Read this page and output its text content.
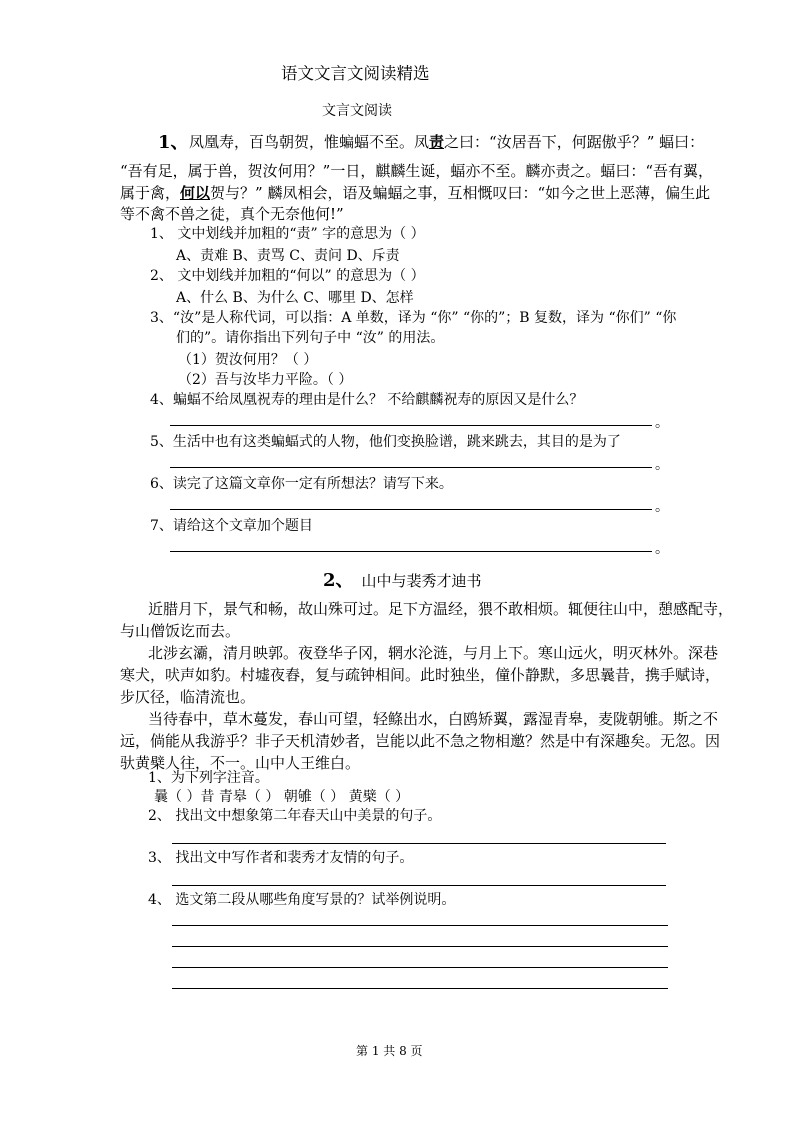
语文文言文阅读精选
文言文阅读
1、 凤凰寿，百鸟朝贺，惟蝙蝠不至。凤责之曰：“汝居吾下，何踞傲乎？” 蝠曰：
“吾有足，属于兽，贺汝何用？”一日，麒麟生诞，蝠亦不至。麟亦责之。蝠曰：“吾有翼，
属于禽，何以贺与？” 麟凤相会，语及蝙蝠之事，互相慨叹曰：“如今之世上恶薄，偏生此
等不禽不兽之徒，真个无奈他何!”
1、 文中划线并加粗的“责” 字的意思为（ ）
A、责难 B、责骂 C、责问 D、斥责
2、 文中划线并加粗的“何以” 的意思为（ ）
A、什么 B、为什么 C、哪里 D、怎样
3、“汝”是人称代词，可以指：A 单数，译为 “你” “你的”；B 复数，译为 “你们” “你
们的”。请你指出下列句子中 “汝” 的用法。
（1）贺汝何用？（ ）
（2）吾与汝毕力平险。（ ）
4、蝙蝠不给凤凰祝寿的理由是什么？ 不给麒麟祝寿的原因又是什么？
。
5、生活中也有这类蝙蝠式的人物，他们变换脸谱，跳来跳去，其目的是为了
。
6、读完了这篇文章你一定有所想法？请写下来。
。
7、请给这个文章加个题目
。
2、 山中与裴秀才迪书
近腊月下，景气和畅，故山殊可过。足下方温经，猥不敢相烦。辄便往山中，憩感配寺，
与山僧饭讫而去。
北涉玄灞，清月映郭。夜登华子冈，辋水沦涟，与月上下。寒山远火，明灭林外。深巷
寒犬，吠声如豹。村墟夜舂，复与疏钟相间。此时独坐，僮仆静默，多思曩昔，携手赋诗，
步仄径，临清流也。
当待春中，草木蔓发，春山可望，轻鲦出水，白鸥矫翼，露湿青皋，麦陇朝雊。斯之不
远，倘能从我游乎？非子天机清妙者，岂能以此不急之物相邀？然是中有深趣矣。无忽。因
驮黄檗人往，不一。山中人王维白。
1、为下列字注音。
曩（ ）昔 青皋（ ） 朝雊（ ） 黄檗（ ）
2、 找出文中想象第二年春天山中美景的句子。
3、 找出文中写作者和裴秀才友情的句子。
4、 选文第二段从哪些角度写景的？试举例说明。
第 1 共 8 页
